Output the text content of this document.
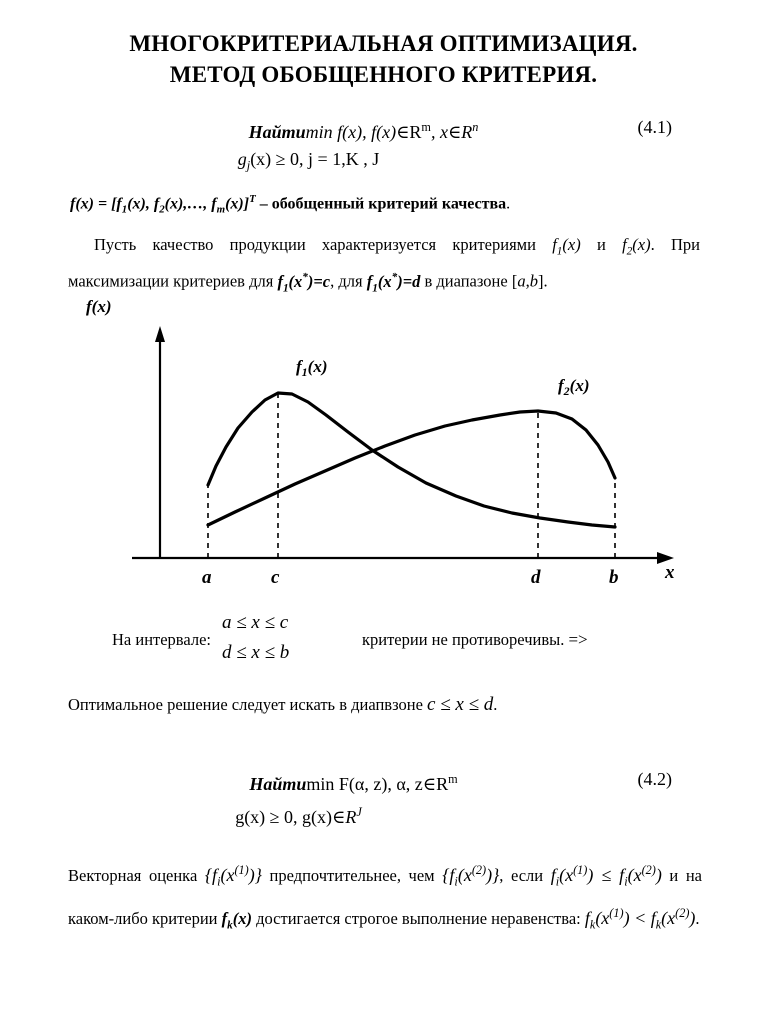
МНОГОКРИТЕРИАЛЬНАЯ ОПТИМИЗАЦИЯ.
МЕТОД ОБОБЩЕННОГО КРИТЕРИЯ.
Найтиmin f(x), $f(x)\in R^m$, $x\in R^n$	(4.1)
$g_j(x) \ge 0$, j = 1,K , J
$f(x) = [f_1(x)$, $f_2(x),\dots$, $f_m(x)]^T$ – обобщенный критерий качества.
Пусть качество продукции характеризуется критериями $f_1(x)$ и $f_2(x)$. При максимизации критериев для $f_1(x^*)=c$, для $f_1(x^*)=d$ в диапазоне [a,b].
f(x)
x
$f_1(x)$
$f_2(x)$
a	c	d	b
На интервале:
a ≤ x ≤ c
d ≤ x ≤ b
критерии не противоречивы. =>
Оптимальное решение следует искать в диапвзоне c ≤ x ≤ d.
Найтиmin F(α, z), α, $z\in R^m$	(4.2)
g(x) ≥ 0, $g(x)\in R^J$
Векторная оценка $\{f_i(x^{(1)})\}$ предпочтительнее, чем $\{f_i(x^{(2)})\}$, если $f_i(x^{(1)}) \le f_i(x^{(2)})$ и на каком-либо критерии $f_k(x)$ достигается строгое выполнение неравенства: $f_k(x^{(1)}) < f_k(x^{(2)})$.
